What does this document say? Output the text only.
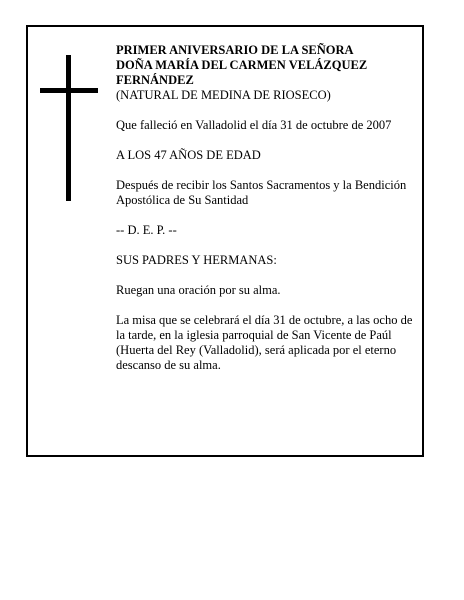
PRIMER ANIVERSARIO DE LA SEÑORA
DOÑA MARÍA DEL CARMEN VELÁZQUEZ
FERNÁNDEZ
(NATURAL DE MEDINA DE RIOSECO)

Que falleció en Valladolid el día 31 de octubre de 2007

A LOS 47 AÑOS DE EDAD

Después de recibir los Santos Sacramentos y la Bendición Apostólica de Su Santidad

-- D. E. P. --

SUS PADRES Y HERMANAS:

Ruegan una oración por su alma.

La misa que se celebrará el día 31 de octubre, a las ocho de la tarde, en la iglesia parroquial de San Vicente de Paúl (Huerta del Rey (Valladolid), será aplicada por el eterno descanso de su alma.
